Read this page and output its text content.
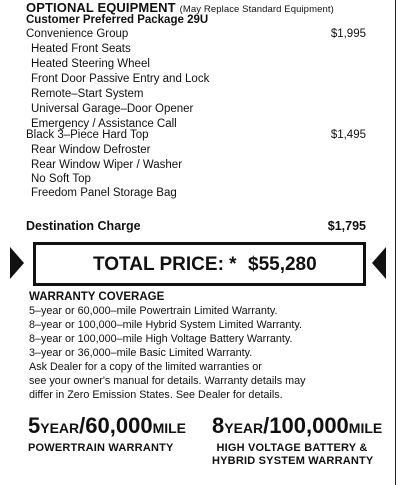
OPTIONAL EQUIPMENT (May Replace Standard Equipment)
Customer Preferred Package 29U
Convenience Group	$1,995
Heated Front Seats
Heated Steering Wheel
Front Door Passive Entry and Lock
Remote–Start System
Universal Garage–Door Opener
Emergency / Assistance Call
Black 3–Piece Hard Top	$1,495
Rear Window Defroster
Rear Window Wiper / Washer
No Soft Top
Freedom Panel Storage Bag
Destination Charge	$1,795
TOTAL PRICE: * $55,280
WARRANTY COVERAGE
5–year or 60,000–mile Powertrain Limited Warranty.
8–year or 100,000–mile Hybrid System Limited Warranty.
8–year or 100,000–mile High Voltage Battery Warranty.
3–year or 36,000–mile Basic Limited Warranty.
Ask Dealer for a copy of the limited warranties or
see your owner's manual for details. Warranty details may
differ in Zero Emission States. See Dealer for details.
5YEAR/60,000MILE
POWERTRAIN WARRANTY
8YEAR/100,000MILE
HIGH VOLTAGE BATTERY &
HYBRID SYSTEM WARRANTY
